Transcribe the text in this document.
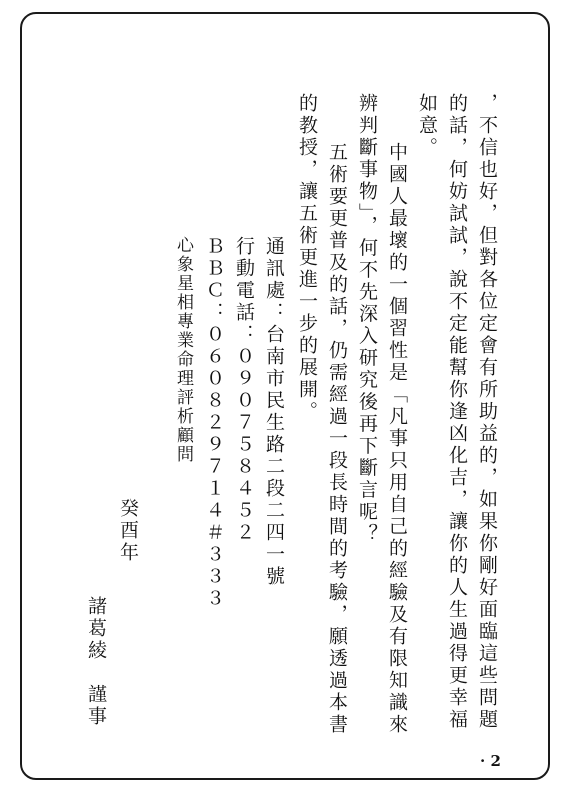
，不信也好，但對各位定會有所助益的，如果你剛好面臨這些問題
的話，何妨試試，說不定能幫你逢凶化吉，讓你的人生過得更幸福
如意。
中國人最壞的一個習性是「凡事只用自己的經驗及有限知識來
辨判斷事物」，何不先深入研究後再下斷言呢？
五術要更普及的話，仍需經過一段長時間的考驗，願透過本書
的教授，讓五術更進一步的展開。
通訊處：台南市民生路二段二四一號
行動電話：０９０７５８４５２
ＢＢＣ：０６０８２９７１４＃３３３
心象星相專業命理評析顧問
癸酉年
諸葛綾　謹事
· 2
